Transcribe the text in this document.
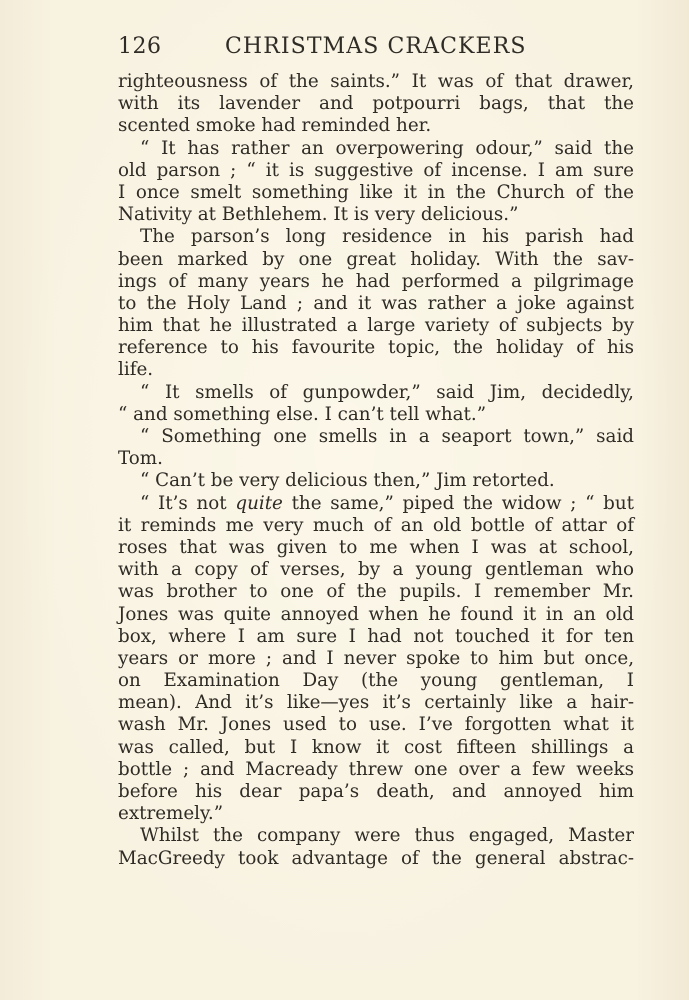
126	CHRISTMAS CRACKERS
righteousness of the saints.” It was of that drawer,
with its lavender and potpourri bags, that the
scented smoke had reminded her.
“ It has rather an overpowering odour,” said the
old parson ; “ it is suggestive of incense. I am sure
I once smelt something like it in the Church of the
Nativity at Bethlehem. It is very delicious.”
The parson’s long residence in his parish had
been marked by one great holiday. With the sav-
ings of many years he had performed a pilgrimage
to the Holy Land ; and it was rather a joke against
him that he illustrated a large variety of subjects by
reference to his favourite topic, the holiday of his
life.
“ It smells of gunpowder,” said Jim, decidedly,
“ and something else. I can’t tell what.”
“ Something one smells in a seaport town,” said
Tom.
“ Can’t be very delicious then,” Jim retorted.
“ It’s not quite the same,” piped the widow ; “ but
it reminds me very much of an old bottle of attar of
roses that was given to me when I was at school,
with a copy of verses, by a young gentleman who
was brother to one of the pupils. I remember Mr.
Jones was quite annoyed when he found it in an old
box, where I am sure I had not touched it for ten
years or more ; and I never spoke to him but once,
on Examination Day (the young gentleman, I
mean). And it’s like—yes it’s certainly like a hair-
wash Mr. Jones used to use. I’ve forgotten what it
was called, but I know it cost fifteen shillings a
bottle ; and Macready threw one over a few weeks
before his dear papa’s death, and annoyed him
extremely.”
Whilst the company were thus engaged, Master
MacGreedy took advantage of the general abstrac-
